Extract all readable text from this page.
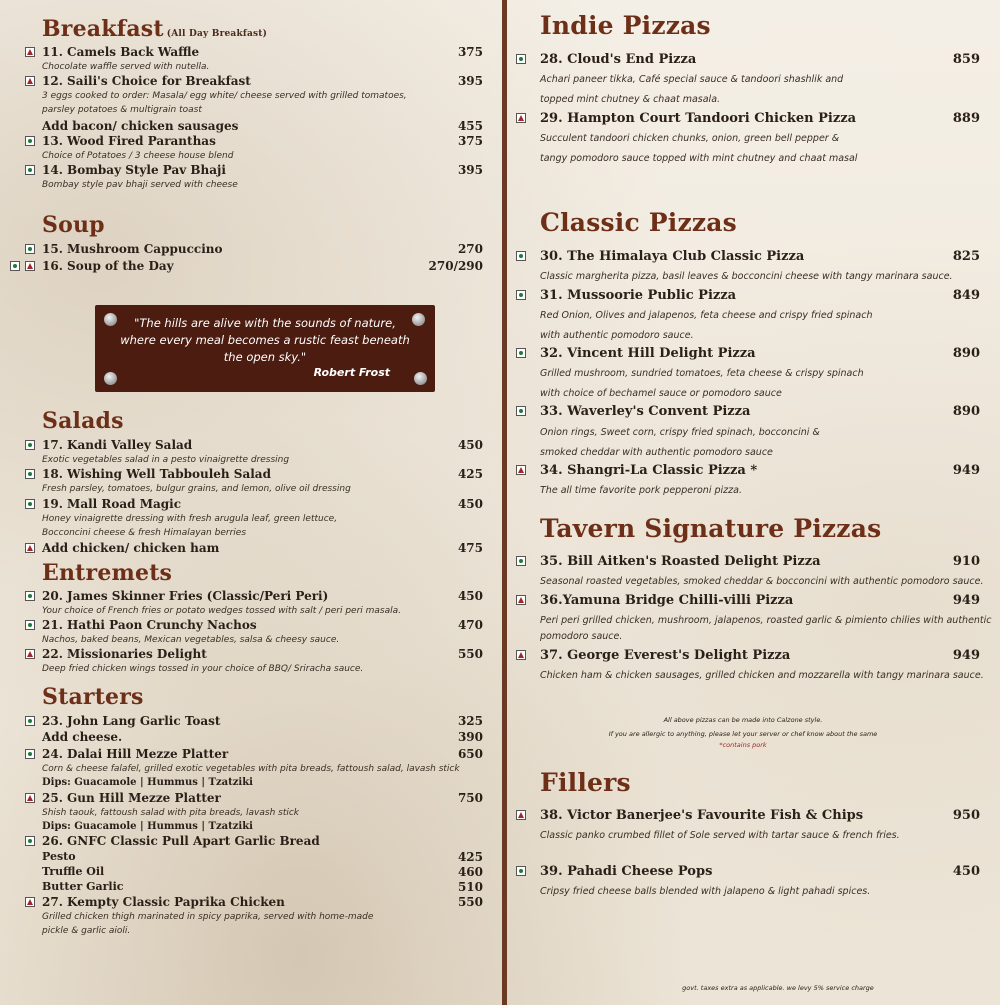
Breakfast (All Day Breakfast)
11. Camels Back Waffle	375
Chocolate waffle served with nutella.
12. Saili's Choice for Breakfast	395
3 eggs cooked to order: Masala/ egg white/ cheese served with grilled tomatoes,
parsley potatoes & multigrain toast
Add bacon/ chicken sausages	455
13. Wood Fired Paranthas	375
Choice of Potatoes / 3 cheese house blend
14. Bombay Style Pav Bhaji	395
Bombay style pav bhaji served with cheese
Soup
15. Mushroom Cappuccino	270
16. Soup of the Day	270/290
"The hills are alive with the sounds of nature, where every meal becomes a rustic feast beneath the open sky."
Robert Frost
Salads
17. Kandi Valley Salad	450
Exotic vegetables salad in a pesto vinaigrette dressing
18. Wishing Well Tabbouleh Salad	425
Fresh parsley, tomatoes, bulgur grains, and lemon, olive oil dressing
19. Mall Road Magic	450
Honey vinaigrette dressing with fresh arugula leaf, green lettuce,
Bocconcini cheese & fresh Himalayan berries
Add chicken/ chicken ham	475
Entremets
20. James Skinner Fries (Classic/Peri Peri)	450
Your choice of French fries or potato wedges tossed with salt / peri peri masala.
21. Hathi Paon Crunchy Nachos	470
Nachos, baked beans, Mexican vegetables, salsa & cheesy sauce.
22. Missionaries Delight	550
Deep fried chicken wings tossed in your choice of BBQ/ Sriracha sauce.
Starters
23. John Lang Garlic Toast	325
Add cheese.	390
24. Dalai Hill Mezze Platter	650
Corn & cheese falafel, grilled exotic vegetables with pita breads, fattoush salad, lavash stick
Dips: Guacamole | Hummus | Tzatziki
25. Gun Hill Mezze Platter	750
Shish taouk, fattoush salad with pita breads, lavash stick
Dips: Guacamole | Hummus | Tzatziki
26. GNFC Classic Pull Apart Garlic Bread
Pesto	425
Truffle Oil	460
Butter Garlic	510
27. Kempty Classic Paprika Chicken	550
Grilled chicken thigh marinated in spicy paprika, served with home-made
pickle & garlic aioli.
Indie Pizzas
28. Cloud's End Pizza	859
Achari paneer tikka, Café special sauce & tandoori shashlik and
topped mint chutney & chaat masala.
29. Hampton Court Tandoori Chicken Pizza	889
Succulent tandoori chicken chunks, onion, green bell pepper &
tangy pomodoro sauce topped with mint chutney and chaat masal
Classic Pizzas
30. The Himalaya Club Classic Pizza	825
Classic margherita pizza, basil leaves & bocconcini cheese with tangy marinara sauce.
31. Mussoorie Public Pizza	849
Red Onion, Olives and jalapenos, feta cheese and crispy fried spinach
with authentic pomodoro sauce.
32. Vincent Hill Delight Pizza	890
Grilled mushroom, sundried tomatoes, feta cheese & crispy spinach
with choice of bechamel sauce or pomodoro sauce
33. Waverley's Convent Pizza	890
Onion rings, Sweet corn, crispy fried spinach, bocconcini &
smoked cheddar with authentic pomodoro sauce
34. Shangri-La Classic Pizza *	949
The all time favorite pork pepperoni pizza.
Tavern Signature Pizzas
35. Bill Aitken's Roasted Delight Pizza	910
Seasonal roasted vegetables, smoked cheddar & bocconcini with authentic pomodoro sauce.
36.Yamuna Bridge Chilli-villi Pizza	949
Peri peri grilled chicken, mushroom, jalapenos, roasted garlic & pimiento chilies with authentic
pomodoro sauce.
37. George Everest's Delight Pizza	949
Chicken ham & chicken sausages, grilled chicken and mozzarella with tangy marinara sauce.
All above pizzas can be made into Calzone style.
If you are allergic to anything, please let your server or chef know about the same
*contains pork
Fillers
38. Victor Banerjee's Favourite Fish & Chips	950
Classic panko crumbed fillet of Sole served with tartar sauce & french fries.
39. Pahadi Cheese Pops	450
Cripsy fried cheese balls blended with jalapeno & light pahadi spices.
govt. taxes extra as applicable. we levy 5% service charge
